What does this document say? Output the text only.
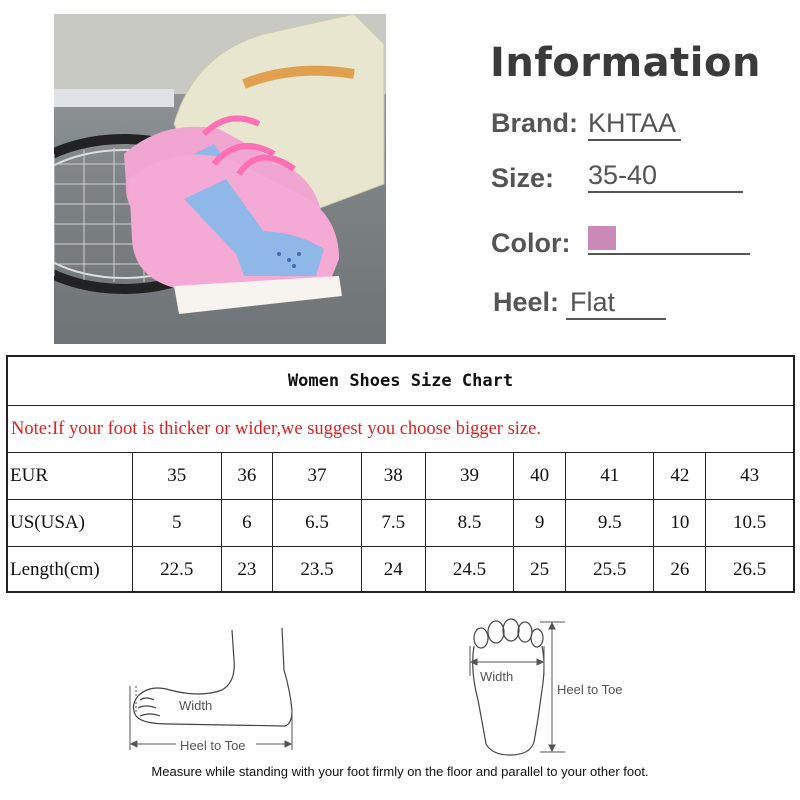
Information
Brand: KHTAA
Size: 35-40
Color:
Heel: Flat
Women Shoes Size Chart
Note:If your foot is thicker or wider,we suggest you choose bigger size.
EUR	35	36	37	38	39	40	41	42	43
US(USA)	5	6	6.5	7.5	8.5	9	9.5	10	10.5
Length(cm)	22.5	23	23.5	24	24.5	25	25.5	26	26.5
Width
Heel to Toe
Width
Heel to Toe
Measure while standing with your foot firmly on the floor and parallel to your other foot.
